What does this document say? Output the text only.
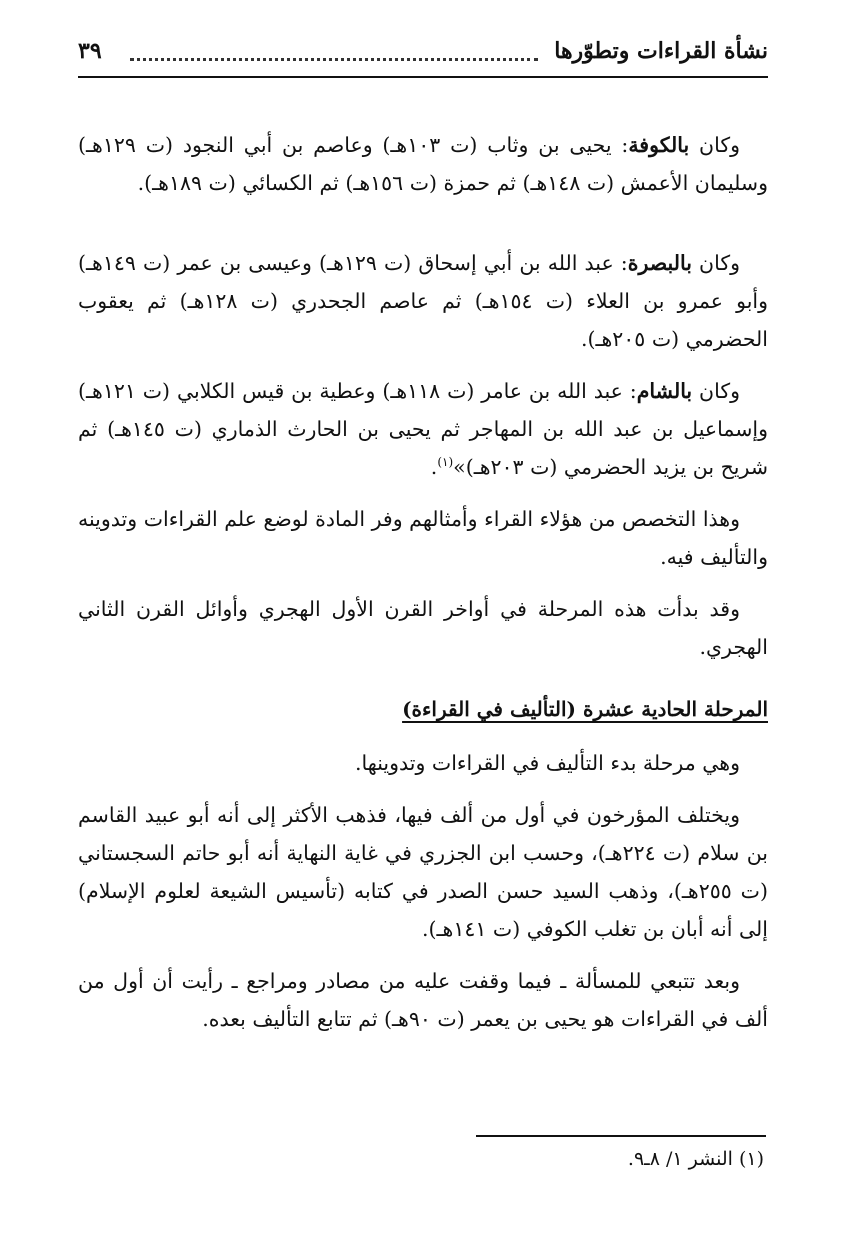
نشأة القراءات وتطوّرها
٣٩

وكان بالكوفة: يحيى بن وثاب (ت ١٠٣هـ) وعاصم بن أبي النجود (ت ١٢٩هـ) وسليمان الأعمش (ت ١٤٨هـ) ثم حمزة (ت ١٥٦هـ) ثم الكسائي (ت ١٨٩هـ).

وكان بالبصرة: عبد الله بن أبي إسحاق (ت ١٢٩هـ) وعيسى بن عمر (ت ١٤٩هـ) وأبو عمرو بن العلاء (ت ١٥٤هـ) ثم عاصم الجحدري (ت ١٢٨هـ) ثم يعقوب الحضرمي (ت ٢٠٥هـ).

وكان بالشام: عبد الله بن عامر (ت ١١٨هـ) وعطية بن قيس الكلابي (ت ١٢١هـ) وإسماعيل بن عبد الله بن المهاجر ثم يحيى بن الحارث الذماري (ت ١٤٥هـ) ثم شريح بن يزيد الحضرمي (ت ٢٠٣هـ)»$^{(١)}$.

وهذا التخصص من هؤلاء القراء وأمثالهم وفر المادة لوضع علم القراءات وتدوينه والتأليف فيه.

وقد بدأت هذه المرحلة في أواخر القرن الأول الهجري وأوائل القرن الثاني الهجري.

المرحلة الحادية عشرة (التأليف في القراءة)

وهي مرحلة بدء التأليف في القراءات وتدوينها.

ويختلف المؤرخون في أول من ألف فيها، فذهب الأكثر إلى أنه أبو عبيد القاسم بن سلام (ت ٢٢٤هـ)، وحسب ابن الجزري في غاية النهاية أنه أبو حاتم السجستاني (ت ٢٥٥هـ)، وذهب السيد حسن الصدر في كتابه (تأسيس الشيعة لعلوم الإسلام) إلى أنه أبان بن تغلب الكوفي (ت ١٤١هـ).

وبعد تتبعي للمسألة ـ فيما وقفت عليه من مصادر ومراجع ـ رأيت أن أول من ألف في القراءات هو يحيى بن يعمر (ت ٩٠هـ) ثم تتابع التأليف بعده.

(١) النشر ١/ ٨ـ٩.
